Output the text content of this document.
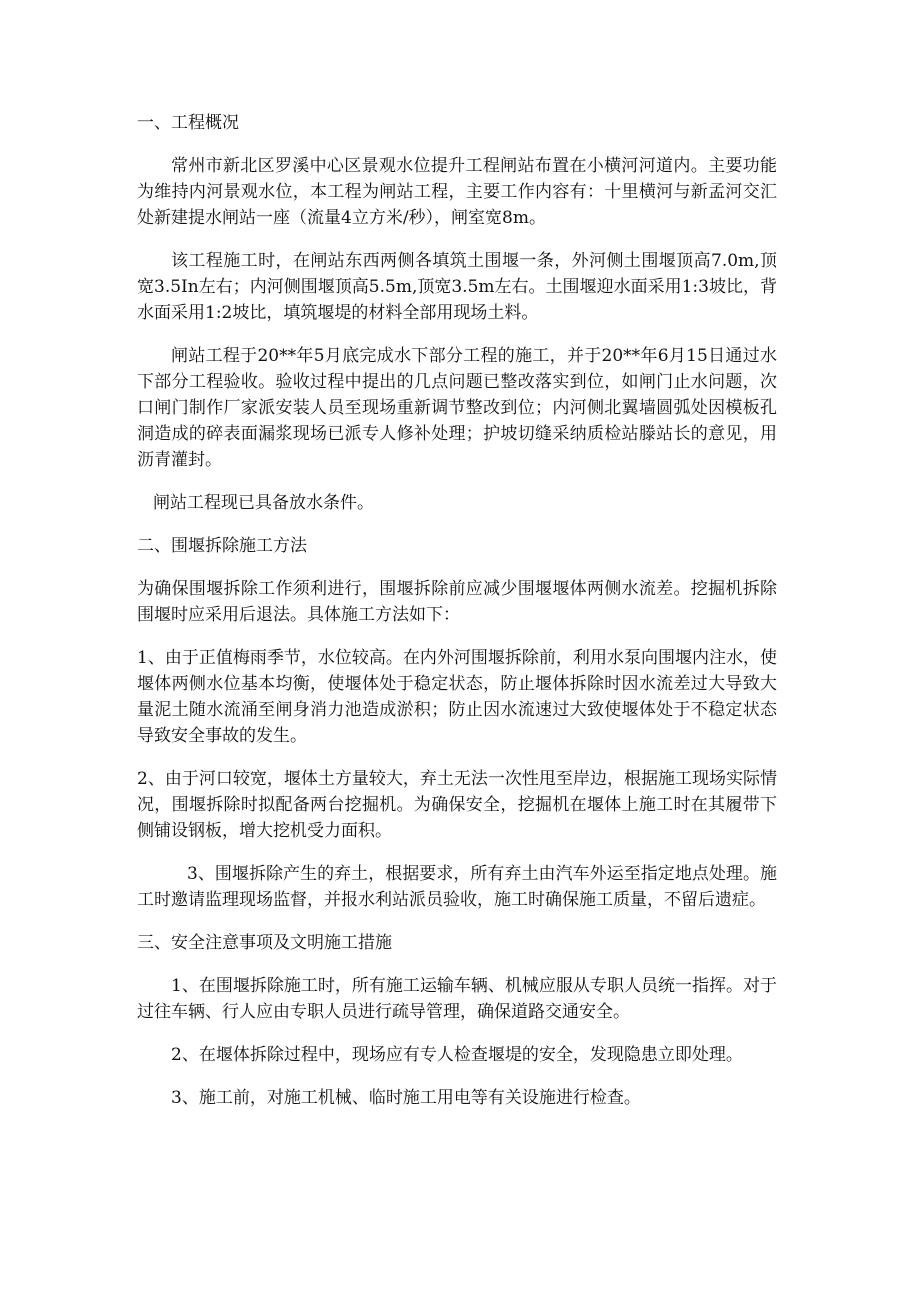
一、工程概况
常州市新北区罗溪中心区景观水位提升工程闸站布置在小横河河道内。主要功能为维持内河景观水位，本工程为闸站工程，主要工作内容有：十里横河与新孟河交汇处新建提水闸站一座（流量4立方米/秒），闸室宽8m。
该工程施工时，在闸站东西两侧各填筑土围堰一条，外河侧土围堰顶高7.0m,顶宽3.5In左右；内河侧围堰顶高5.5m,顶宽3.5m左右。土围堰迎水面采用1:3坡比，背水面采用1:2坡比，填筑堰堤的材料全部用现场土料。
闸站工程于20**年5月底完成水下部分工程的施工，并于20**年6月15日通过水下部分工程验收。验收过程中提出的几点问题已整改落实到位，如闸门止水问题，次口闸门制作厂家派安装人员至现场重新调节整改到位；内河侧北翼墙圆弧处因模板孔洞造成的碎表面漏浆现场已派专人修补处理；护坡切缝采纳质检站滕站长的意见，用沥青灌封。
闸站工程现已具备放水条件。
二、围堰拆除施工方法
为确保围堰拆除工作须利进行，围堰拆除前应减少围堰堰体两侧水流差。挖掘机拆除围堰时应采用后退法。具体施工方法如下：
1、由于正值梅雨季节，水位较高。在内外河围堰拆除前，利用水泵向围堰内注水，使堰体两侧水位基本均衡，使堰体处于稳定状态，防止堰体拆除时因水流差过大导致大量泥土随水流涌至闸身消力池造成淤积；防止因水流速过大致使堰体处于不稳定状态导致安全事故的发生。
2、由于河口较宽，堰体土方量较大，弃土无法一次性甩至岸边，根据施工现场实际情况，围堰拆除时拟配备两台挖掘机。为确保安全，挖掘机在堰体上施工时在其履带下侧铺设钢板，增大挖机受力面积。
3、围堰拆除产生的弃土，根据要求，所有弃土由汽车外运至指定地点处理。施工时邀请监理现场监督，并报水利站派员验收，施工时确保施工质量，不留后遗症。
三、安全注意事项及文明施工措施
1、在围堰拆除施工时，所有施工运输车辆、机械应服从专职人员统一指挥。对于过往车辆、行人应由专职人员进行疏导管理，确保道路交通安全。
2、在堰体拆除过程中，现场应有专人检查堰堤的安全，发现隐患立即处理。
3、施工前，对施工机械、临时施工用电等有关设施进行检查。
